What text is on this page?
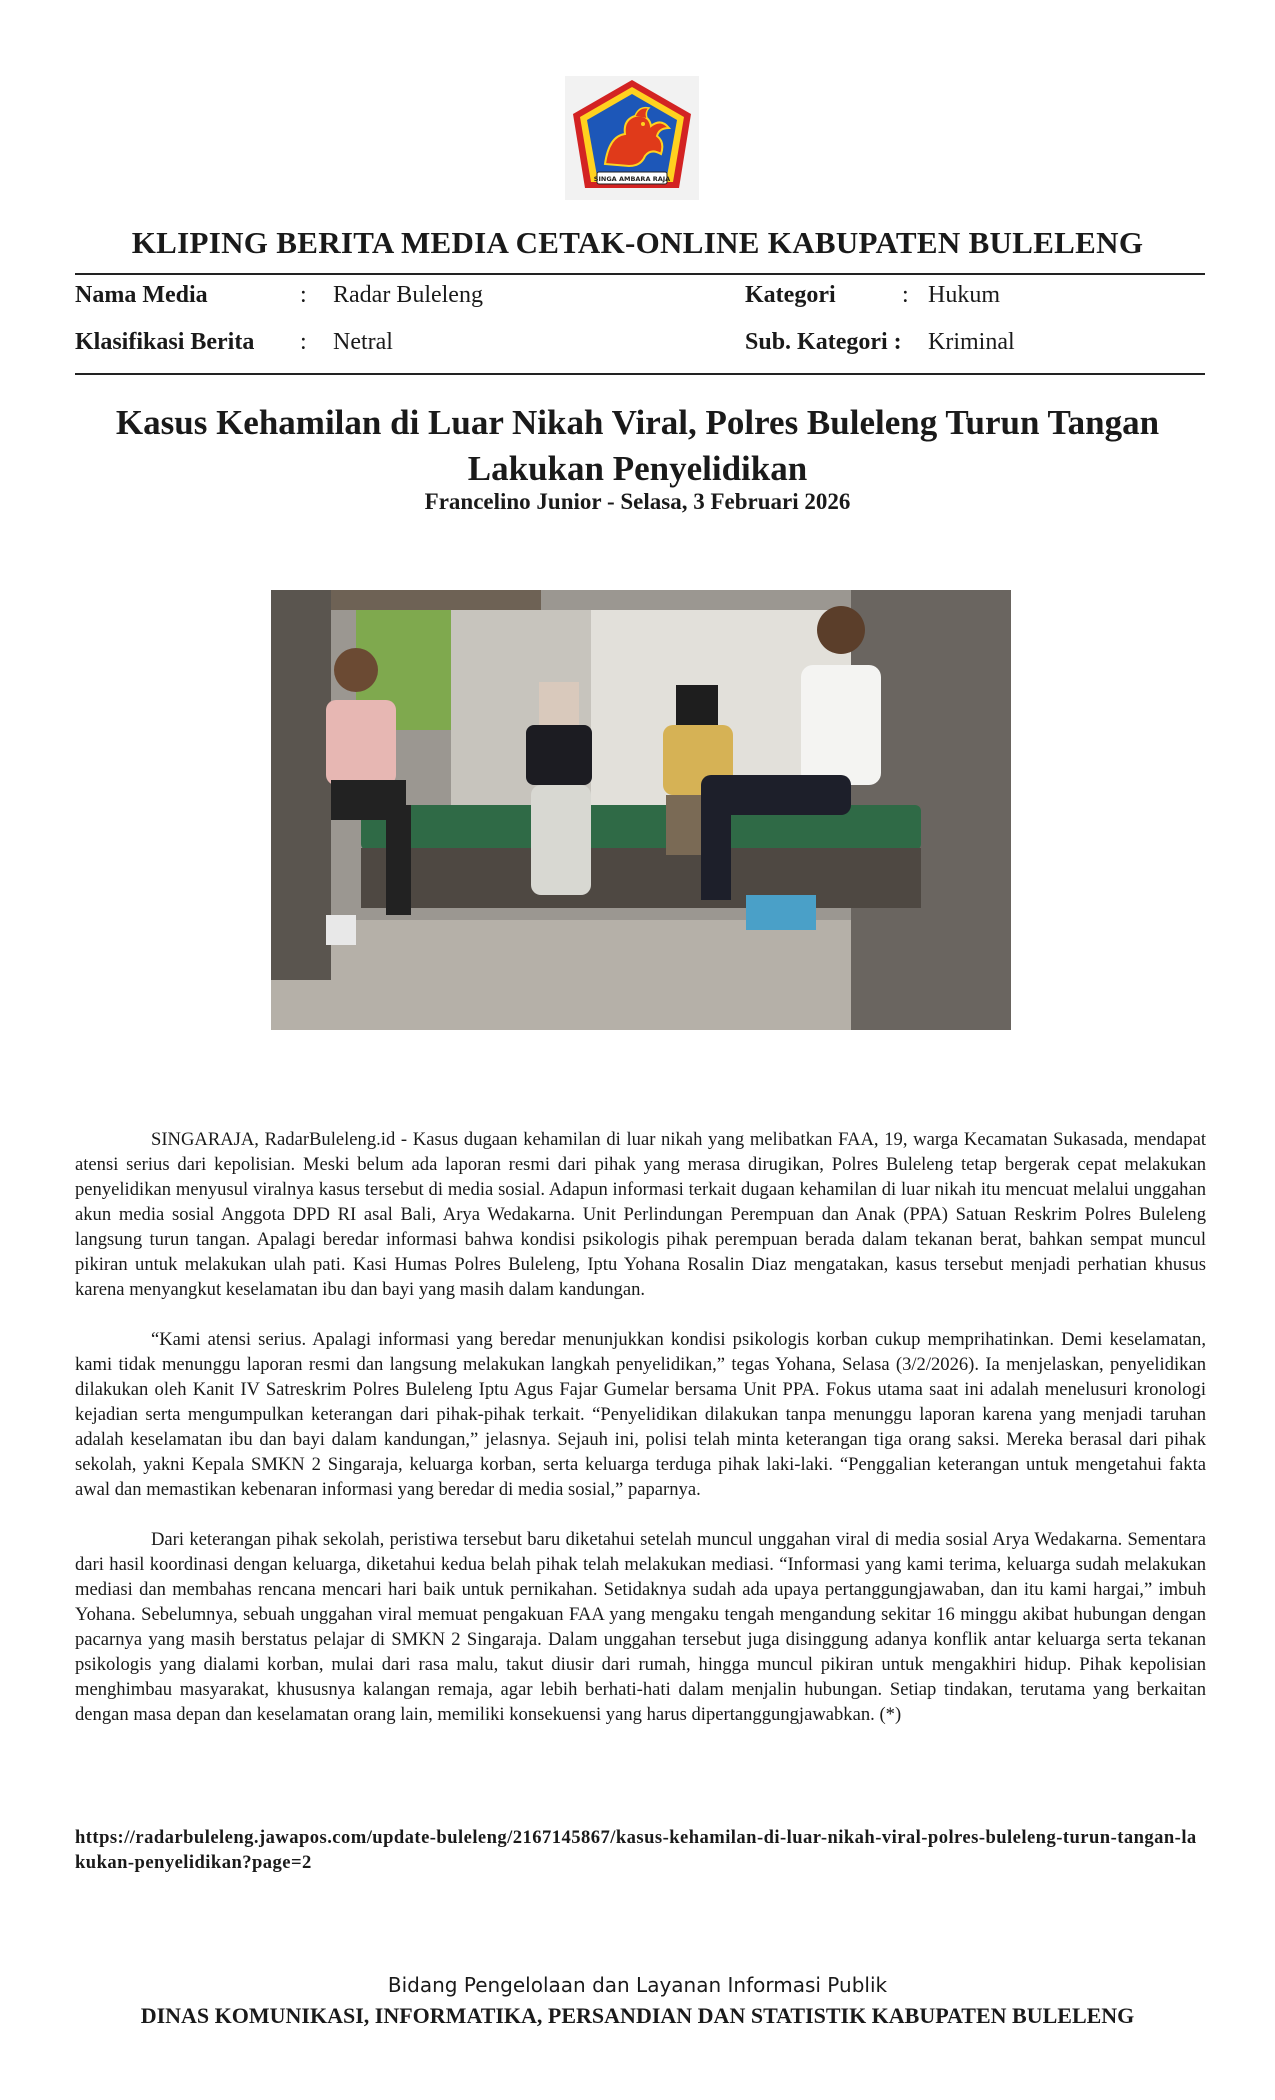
SINGA AMBARA RAJA
KLIPING BERITA MEDIA CETAK-ONLINE KABUPATEN BULELENG
Nama Media	: Radar Buleleng	Kategori	: Hukum
Klasifikasi Berita : Netral	Sub. Kategori : Kriminal
Kasus Kehamilan di Luar Nikah Viral, Polres Buleleng Turun Tangan Lakukan Penyelidikan
Francelino Junior - Selasa, 3 Februari 2026

SINGARAJA, RadarBuleleng.id - Kasus dugaan kehamilan di luar nikah yang melibatkan FAA, 19, warga Kecamatan Sukasada, mendapat atensi serius dari kepolisian. Meski belum ada laporan resmi dari pihak yang merasa dirugikan, Polres Buleleng tetap bergerak cepat melakukan penyelidikan menyusul viralnya kasus tersebut di media sosial. Adapun informasi terkait dugaan kehamilan di luar nikah itu mencuat melalui unggahan akun media sosial Anggota DPD RI asal Bali, Arya Wedakarna. Unit Perlindungan Perempuan dan Anak (PPA) Satuan Reskrim Polres Buleleng langsung turun tangan. Apalagi beredar informasi bahwa kondisi psikologis pihak perempuan berada dalam tekanan berat, bahkan sempat muncul pikiran untuk melakukan ulah pati. Kasi Humas Polres Buleleng, Iptu Yohana Rosalin Diaz mengatakan, kasus tersebut menjadi perhatian khusus karena menyangkut keselamatan ibu dan bayi yang masih dalam kandungan.

“Kami atensi serius. Apalagi informasi yang beredar menunjukkan kondisi psikologis korban cukup memprihatinkan. Demi keselamatan, kami tidak menunggu laporan resmi dan langsung melakukan langkah penyelidikan,” tegas Yohana, Selasa (3/2/2026). Ia menjelaskan, penyelidikan dilakukan oleh Kanit IV Satreskrim Polres Buleleng Iptu Agus Fajar Gumelar bersama Unit PPA. Fokus utama saat ini adalah menelusuri kronologi kejadian serta mengumpulkan keterangan dari pihak-pihak terkait. “Penyelidikan dilakukan tanpa menunggu laporan karena yang menjadi taruhan adalah keselamatan ibu dan bayi dalam kandungan,” jelasnya. Sejauh ini, polisi telah minta keterangan tiga orang saksi. Mereka berasal dari pihak sekolah, yakni Kepala SMKN 2 Singaraja, keluarga korban, serta keluarga terduga pihak laki-laki. “Penggalian keterangan untuk mengetahui fakta awal dan memastikan kebenaran informasi yang beredar di media sosial,” paparnya.

Dari keterangan pihak sekolah, peristiwa tersebut baru diketahui setelah muncul unggahan viral di media sosial Arya Wedakarna. Sementara dari hasil koordinasi dengan keluarga, diketahui kedua belah pihak telah melakukan mediasi. “Informasi yang kami terima, keluarga sudah melakukan mediasi dan membahas rencana mencari hari baik untuk pernikahan. Setidaknya sudah ada upaya pertanggungjawaban, dan itu kami hargai,” imbuh Yohana. Sebelumnya, sebuah unggahan viral memuat pengakuan FAA yang mengaku tengah mengandung sekitar 16 minggu akibat hubungan dengan pacarnya yang masih berstatus pelajar di SMKN 2 Singaraja. Dalam unggahan tersebut juga disinggung adanya konflik antar keluarga serta tekanan psikologis yang dialami korban, mulai dari rasa malu, takut diusir dari rumah, hingga muncul pikiran untuk mengakhiri hidup. Pihak kepolisian menghimbau masyarakat, khususnya kalangan remaja, agar lebih berhati-hati dalam menjalin hubungan. Setiap tindakan, terutama yang berkaitan dengan masa depan dan keselamatan orang lain, memiliki konsekuensi yang harus dipertanggungjawabkan. (*)

https://radarbuleleng.jawapos.com/update-buleleng/2167145867/kasus-kehamilan-di-luar-nikah-viral-polres-buleleng-turun-tangan-lakukan-penyelidikan?page=2
Bidang Pengelolaan dan Layanan Informasi Publik
DINAS KOMUNIKASI, INFORMATIKA, PERSANDIAN DAN STATISTIK KABUPATEN BULELENG
